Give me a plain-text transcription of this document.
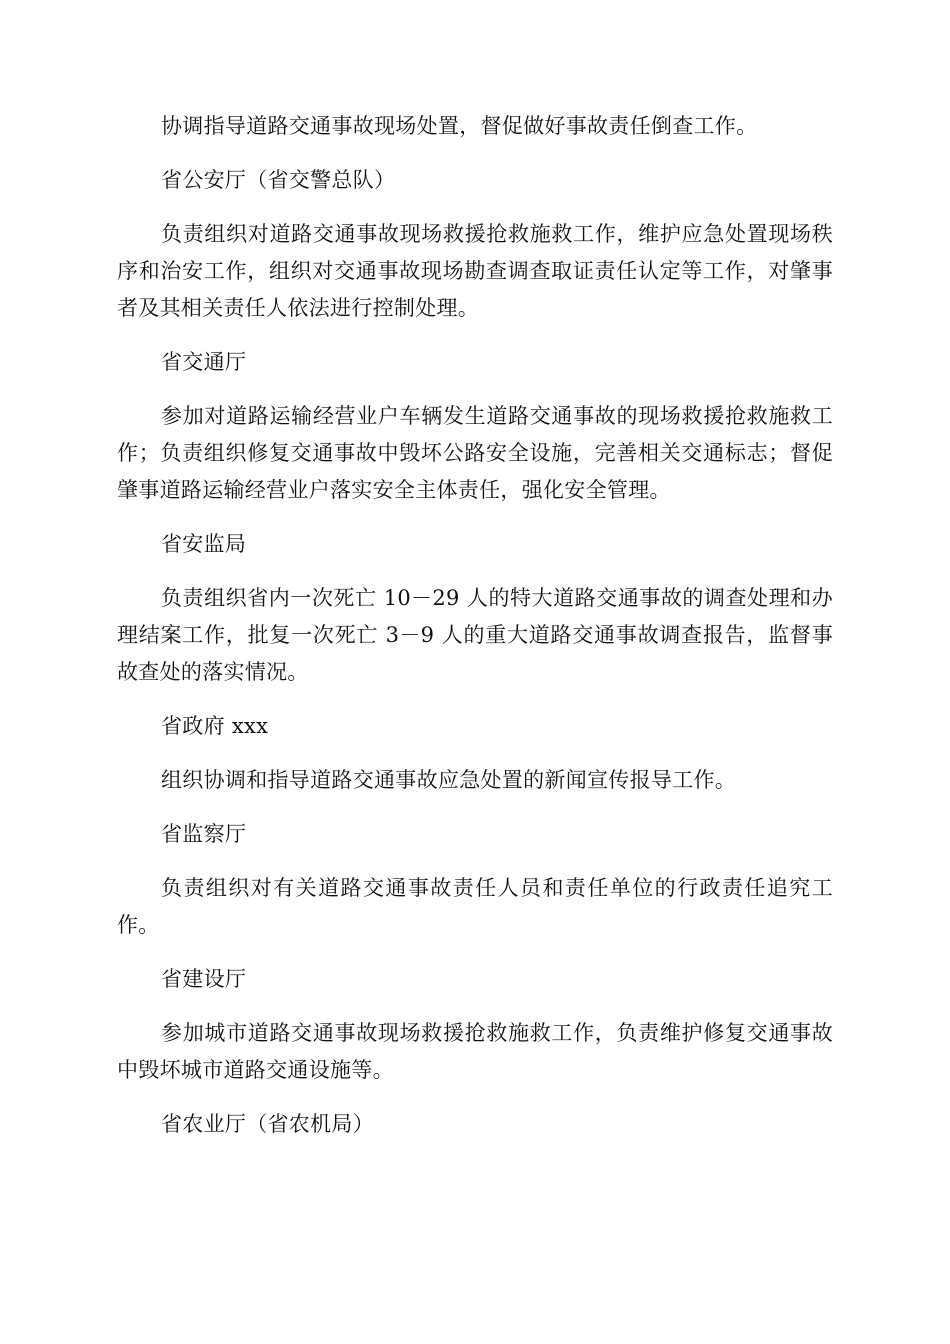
协调指导道路交通事故现场处置，督促做好事故责任倒查工作。

省公安厅（省交警总队）

负责组织对道路交通事故现场救援抢救施救工作，维护应急处置现场秩序和治安工作，组织对交通事故现场勘查调查取证责任认定等工作，对肇事者及其相关责任人依法进行控制处理。

省交通厅

参加对道路运输经营业户车辆发生道路交通事故的现场救援抢救施救工作；负责组织修复交通事故中毁坏公路安全设施，完善相关交通标志；督促肇事道路运输经营业户落实安全主体责任，强化安全管理。

省安监局

负责组织省内一次死亡 10－29 人的特大道路交通事故的调查处理和办理结案工作，批复一次死亡 3－9 人的重大道路交通事故调查报告，监督事故查处的落实情况。

省政府 xxx

组织协调和指导道路交通事故应急处置的新闻宣传报导工作。

省监察厅

负责组织对有关道路交通事故责任人员和责任单位的行政责任追究工作。

省建设厅

参加城市道路交通事故现场救援抢救施救工作，负责维护修复交通事故中毁坏城市道路交通设施等。

省农业厅（省农机局）
